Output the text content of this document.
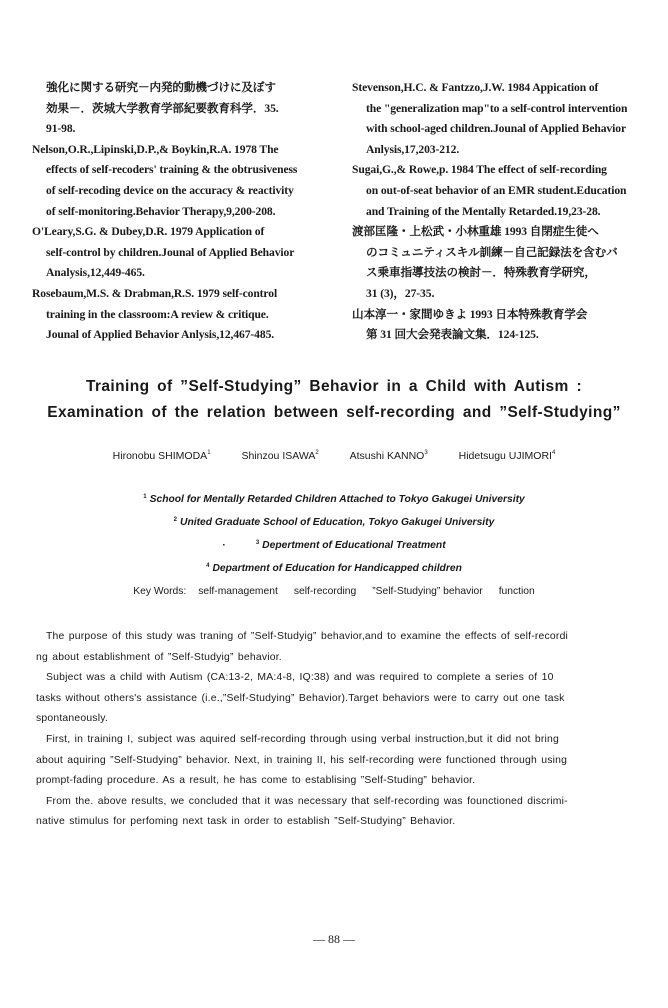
強化に関する研究－内発的動機づけに及ぼす
効果－．茨城大学教育学部紀要教育科学．35.
91-98.

Nelson,O.R.,Lipinski,D.P.,& Boykin,R.A. 1978 The
effects of self-recoders' training & the obtrusiveness
of self-recoding device on the accuracy & reactivity
of self-monitoring.Behavior Therapy,9,200-208.

O'Leary,S.G. & Dubey,D.R. 1979 Application of
self-control by children.Jounal of Applied Behavior
Analysis,12,449-465.

Rosebaum,M.S. & Drabman,R.S. 1979 self-control
training in the classroom:A review & critique.
Jounal of Applied Behavior Anlysis,12,467-485.

Stevenson,H.C. & Fantzzo,J.W. 1984 Appication of
the "generalization map"to a self-control intervention
with school-aged children.Jounal of Applied Behavior
Anlysis,17,203-212.

Sugai,G.,& Rowe,p. 1984 The effect of self-recording
on out-of-seat behavior of an EMR student.Education
and Training of the Mentally Retarded.19,23-28.

渡部匡隆・上松武・小林重雄 1993 自閉症生徒へ
のコミュニティスキル訓練－自己記録法を含むバ
ス乗車指導技法の検討－．特殊教育学研究，
31 (3)，27-35.

山本淳一・家間ゆきよ 1993 日本特殊教育学会
第 31 回大会発表論文集．124-125.

Training of ”Self-Studying” Behavior in a Child with Autism :
Examination of the relation between self-recording and ”Self-Studying”
Hironobu SHIMODA$^1$	Shinzou ISAWA$^2$	Atsushi KANNO$^3$	Hidetsugu UJIMORI$^4$
$^1$ School for Mentally Retarded Children Attached to Tokyo Gakugei University
$^2$ United Graduate School of Education, Tokyo Gakugei University
·	$^3$ Depertment of Educational Treatment
$^4$ Department of Education for Handicapped children
Key Words: self-management self-recording ”Self-Studying” behavior function
The purpose of this study was traning of ”Self-Studyig” behavior,and to examine the effects of self-recordi
ng about establishment of ”Self-Studyig” behavior.
Subject was a child with Autism (CA:13-2, MA:4-8, IQ:38) and was required to complete a series of 10
tasks without others's assistance (i.e.,”Self-Studying” Behavior).Target behaviors were to carry out one task
spontaneously.
First, in training I, subject was aquired self-recording through using verbal instruction,but it did not bring
about aquiring ”Self-Studying” behavior. Next, in training II, his self-recording were functioned through using
prompt-fading procedure. As a result, he has come to establising ”Self-Studing” behavior.
From the. above results, we concluded that it was necessary that self-recording was founctioned discrimi-
native stimulus for perfoming next task in order to establish ”Self-Studying” Behavior.
— 88 —
